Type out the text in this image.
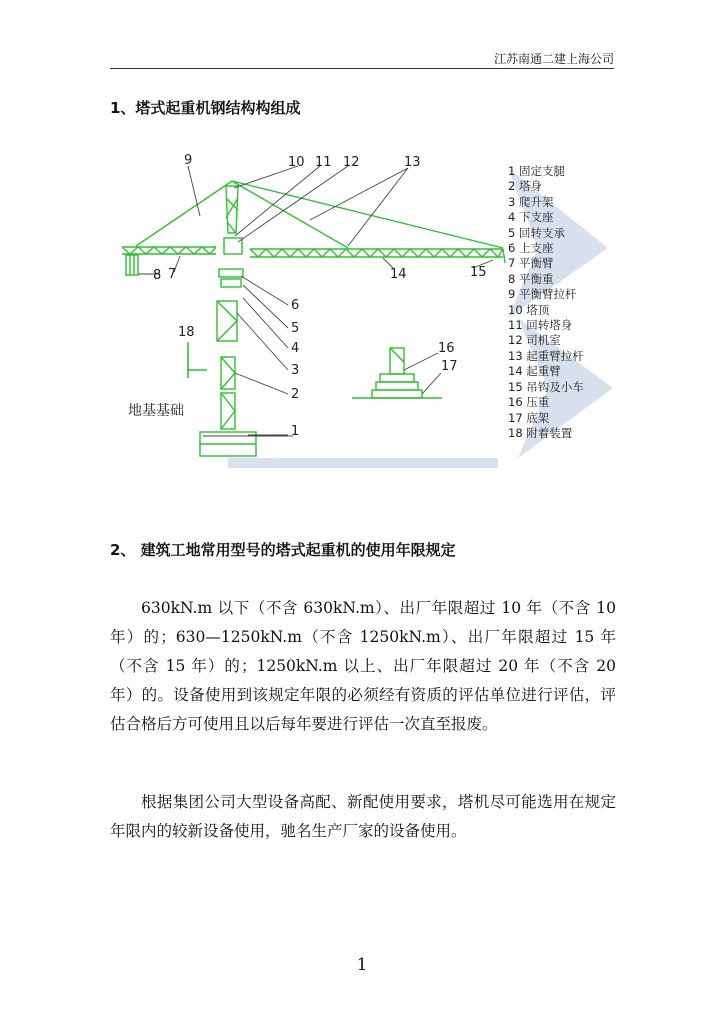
江苏南通二建上海公司
1、塔式起重机钢结构构组成
9	10 11 12	13
8 7	14	15
6
5
4
3
2
1
18
16
17
地基基础
1 固定支腿
2 塔身
3 爬升架
4 下支座
5 回转支承
6 上支座
7 平衡臂
8 平衡重
9 平衡臂拉杆
10 塔顶
11 回转塔身
12 司机室
13 起重臂拉杆
14 起重臂
15 吊钩及小车
16 压重
17 底架
18 附着装置
2、 建筑工地常用型号的塔式起重机的使用年限规定

630kN.m 以下（不含 630kN.m）、出厂年限超过 10 年（不含 10 年）的；630—1250kN.m（不含 1250kN.m）、出厂年限超过 15 年（不含 15 年）的；1250kN.m 以上、出厂年限超过 20 年（不含 20 年）的。设备使用到该规定年限的必须经有资质的评估单位进行评估，评估合格后方可使用且以后每年要进行评估一次直至报废。

根据集团公司大型设备高配、新配使用要求，塔机尽可能选用在规定年限内的较新设备使用，驰名生产厂家的设备使用。

1
